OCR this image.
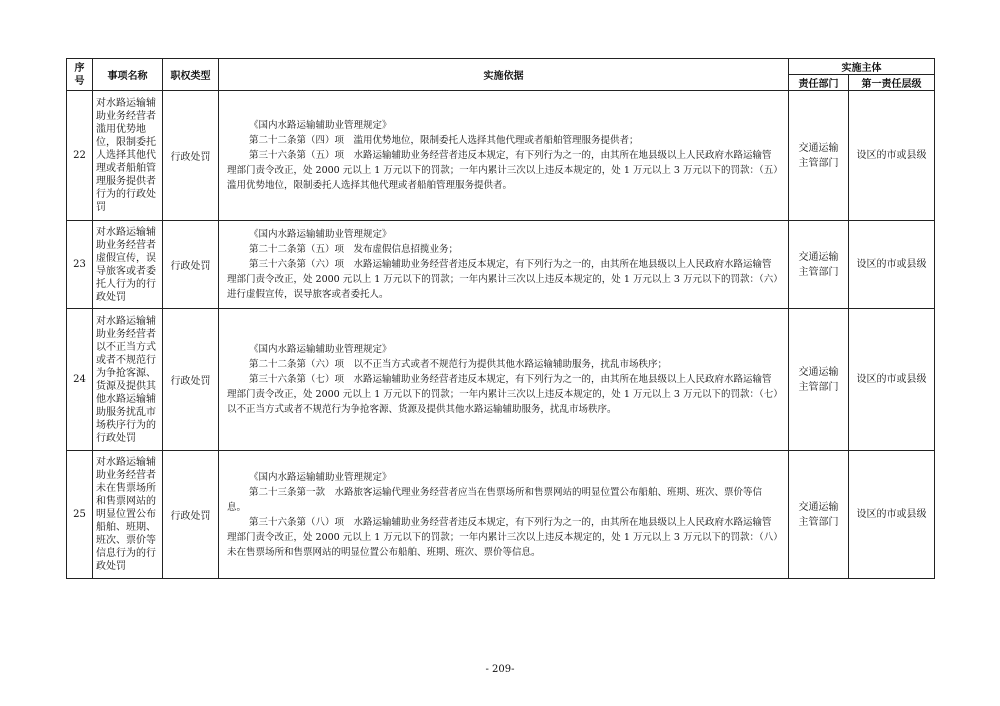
序号	事项名称	职权类型	实施依据	实施主体	
				责任部门	第一责任层级
22	对水路运输辅助业务经营者滥用优势地位，限制委托人选择其他代理或者船舶管理服务提供者行为的行政处罚	行政处罚	《国内水路运输辅助业管理规定》

第二十二条第（四）项　滥用优势地位，限制委托人选择其他代理或者船舶管理服务提供者；

第三十六条第（五）项　水路运输辅助业务经营者违反本规定，有下列行为之一的，由其所在地县级以上人民政府水路运输管理部门责令改正，处 2000 元以上 1 万元以下的罚款；一年内累计三次以上违反本规定的，处 1 万元以上 3 万元以下的罚款：（五）滥用优势地位，限制委托人选择其他代理或者船舶管理服务提供者。	交通运输主管部门	设区的市或县级
23	对水路运输辅助业务经营者虚假宣传，误导旅客或者委托人行为的行政处罚	行政处罚	《国内水路运输辅助业管理规定》

第二十二条第（五）项　发布虚假信息招揽业务；

第三十六条第（六）项　水路运输辅助业务经营者违反本规定，有下列行为之一的，由其所在地县级以上人民政府水路运输管理部门责令改正，处 2000 元以上 1 万元以下的罚款；一年内累计三次以上违反本规定的，处 1 万元以上 3 万元以下的罚款：（六）进行虚假宣传，误导旅客或者委托人。	交通运输主管部门	设区的市或县级
24	对水路运输辅助业务经营者以不正当方式或者不规范行为争抢客源、货源及提供其他水路运输辅助服务扰乱市场秩序行为的行政处罚	行政处罚	《国内水路运输辅助业管理规定》

第二十二条第（六）项　以不正当方式或者不规范行为提供其他水路运输辅助服务，扰乱市场秩序；

第三十六条第（七）项　水路运输辅助业务经营者违反本规定，有下列行为之一的，由其所在地县级以上人民政府水路运输管理部门责令改正，处 2000 元以上 1 万元以下的罚款；一年内累计三次以上违反本规定的，处 1 万元以上 3 万元以下的罚款：（七）以不正当方式或者不规范行为争抢客源、货源及提供其他水路运输辅助服务，扰乱市场秩序。	交通运输主管部门	设区的市或县级
25	对水路运输辅助业务经营者未在售票场所和售票网站的明显位置公布船舶、班期、班次、票价等信息行为的行政处罚	行政处罚	《国内水路运输辅助业管理规定》

第二十三条第一款　水路旅客运输代理业务经营者应当在售票场所和售票网站的明显位置公布船舶、班期、班次、票价等信息。

第三十六条第（八）项　水路运输辅助业务经营者违反本规定，有下列行为之一的，由其所在地县级以上人民政府水路运输管理部门责令改正，处 2000 元以上 1 万元以下的罚款；一年内累计三次以上违反本规定的，处 1 万元以上 3 万元以下的罚款：（八）未在售票场所和售票网站的明显位置公布船舶、班期、班次、票价等信息。	交通运输主管部门	设区的市或县级
- 209-
